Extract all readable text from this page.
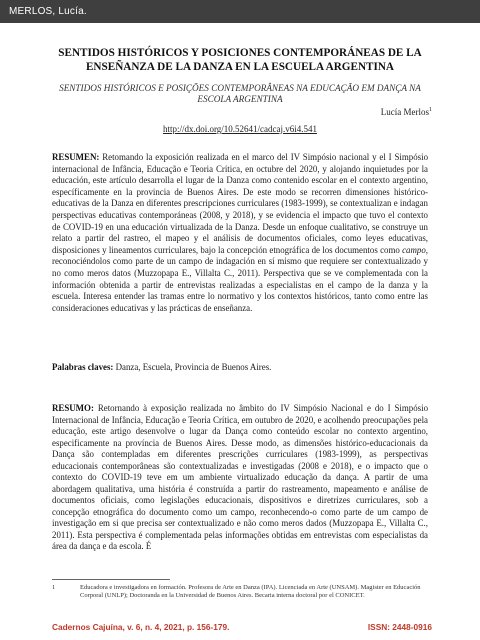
MERLOS, Lucía.
SENTIDOS HISTÓRICOS Y POSICIONES CONTEMPORÁNEAS DE LA ENSEÑANZA DE LA DANZA EN LA ESCUELA ARGENTINA
SENTIDOS HISTÓRICOS E POSIÇÕES CONTEMPORÂNEAS NA EDUCAÇÃO EM DANÇA NA ESCOLA ARGENTINA
Lucía Merlos$^1$
http://dx.doi.org/10.52641/cadcaj.v6i4.541
RESUMEN: Retomando la exposición realizada en el marco del IV Simpósio nacional y el I Simpósio internacional de Infância, Educação e Teoria Crítica, en octubre del 2020, y alojando inquietudes por la educación, este artículo desarrolla el lugar de la Danza como contenido escolar en el contexto argentino, específicamente en la provincia de Buenos Aires. De este modo se recorren dimensiones histórico-educativas de la Danza en diferentes prescripciones curriculares (1983-1999), se contextualizan e indagan perspectivas educativas contemporáneas (2008, y 2018), y se evidencia el impacto que tuvo el contexto de COVID-19 en una educación virtualizada de la Danza. Desde un enfoque cualitativo, se construye un relato a partir del rastreo, el mapeo y el análisis de documentos oficiales, como leyes educativas, disposiciones y lineamentos curriculares, bajo la concepción etnográfica de los documentos como campo, reconociéndolos como parte de un campo de indagación en sí mismo que requiere ser contextualizado y no como meros datos (Muzzopapa E., Villalta C., 2011). Perspectiva que se ve complementada con la información obtenida a partir de entrevistas realizadas a especialistas en el campo de la danza y la escuela. Interesa entender las tramas entre lo normativo y los contextos históricos, tanto como entre las consideraciones educativas y las prácticas de enseñanza.
Palabras claves: Danza, Escuela, Provincia de Buenos Aires.
RESUMO: Retornando à exposição realizada no âmbito do IV Simpósio Nacional e do I Simpósio Internacional de Infância, Educação e Teoria Crítica, em outubro de 2020, e acolhendo preocupações pela educação, este artigo desenvolve o lugar da Dança como conteúdo escolar no contexto argentino, especificamente na província de Buenos Aires. Desse modo, as dimensões histórico-educacionais da Dança são contempladas em diferentes prescrições curriculares (1983-1999), as perspectivas educacionais contemporâneas são contextualizadas e investigadas (2008 e 2018), e o impacto que o contexto do COVID-19 teve em um ambiente virtualizado educação da dança. A partir de uma abordagem qualitativa, uma história é construída a partir do rastreamento, mapeamento e análise de documentos oficiais, como legislações educacionais, dispositivos e diretrizes curriculares, sob a concepção etnográfica do documento como um campo, reconhecendo-o como parte de um campo de investigação em si que precisa ser contextualizado e não como meros dados (Muzzopapa E., Villalta C., 2011). Esta perspectiva é complementada pelas informações obtidas em entrevistas com especialistas da área da dança e da escola. É
1	Educadora e investigadora en formación. Profesora de Arte en Danza (IPA). Licenciada en Arte (UNSAM). Magister en Educación Corporal (UNLP); Doctoranda en la Universidad de Buenos Aires. Becaria interna doctoral por el CONICET.
Cadernos Cajuína, v. 6, n. 4, 2021, p. 156-179.	ISSN: 2448-0916
